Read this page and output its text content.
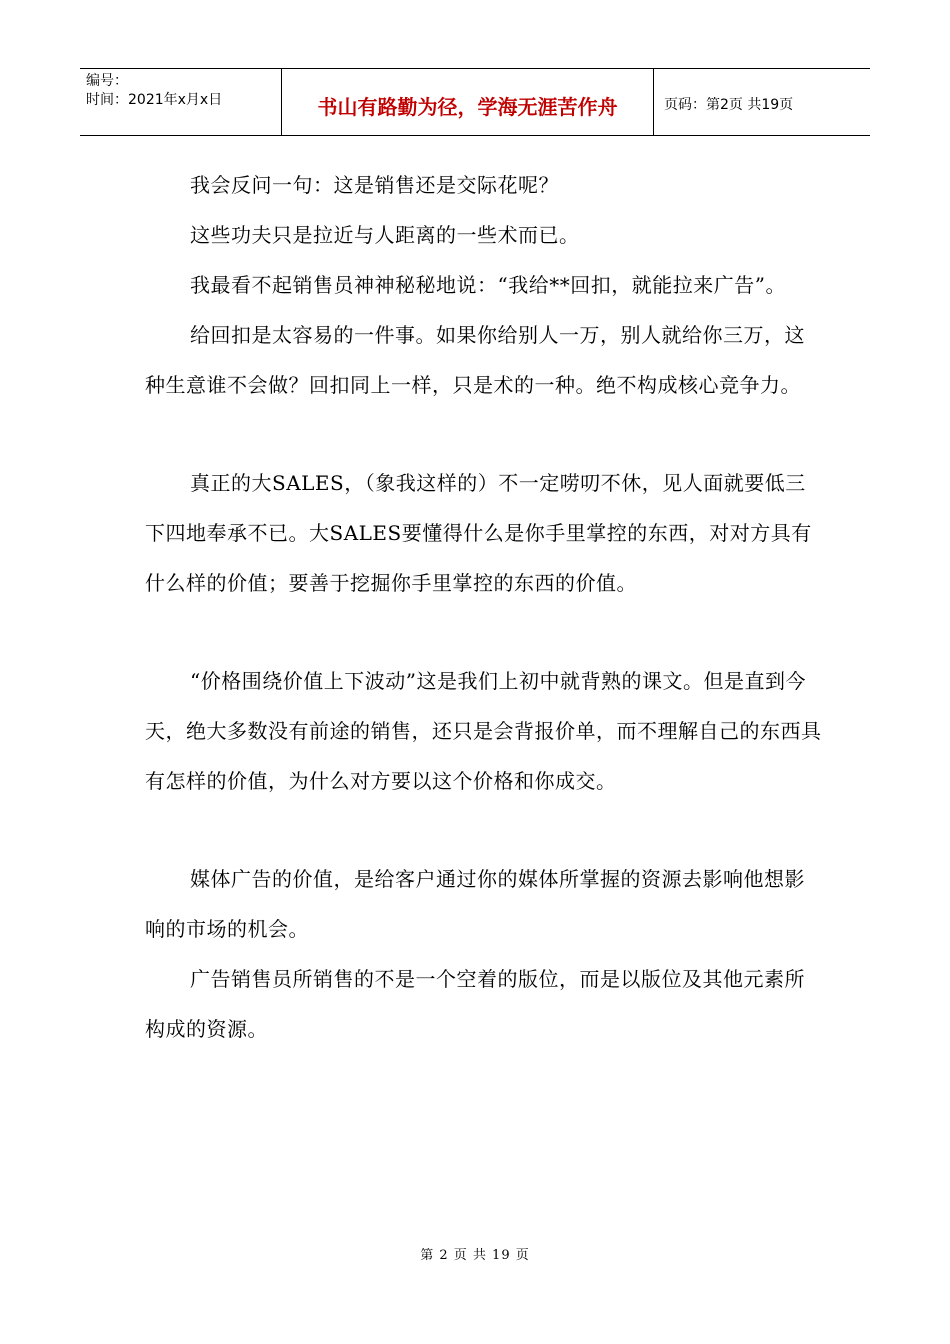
编号：
时间：2021年x月x日	书山有路勤为径，学海无涯苦作舟	页码：第2页 共19页

我会反问一句：这是销售还是交际花呢？

这些功夫只是拉近与人距离的一些术而已。

我最看不起销售员神神秘秘地说：“我给**回扣，就能拉来广告”。

给回扣是太容易的一件事。如果你给别人一万，别人就给你三万，这种生意谁不会做？回扣同上一样，只是术的一种。绝不构成核心竞争力。

真正的大SALES，（象我这样的）不一定唠叨不休，见人面就要低三下四地奉承不已。大SALES要懂得什么是你手里掌控的东西，对对方具有什么样的价值；要善于挖掘你手里掌控的东西的价值。

“价格围绕价值上下波动”这是我们上初中就背熟的课文。但是直到今天，绝大多数没有前途的销售，还只是会背报价单，而不理解自己的东西具有怎样的价值，为什么对方要以这个价格和你成交。

媒体广告的价值，是给客户通过你的媒体所掌握的资源去影响他想影响的市场的机会。

广告销售员所销售的不是一个空着的版位，而是以版位及其他元素所构成的资源。

第 2 页 共 19 页
